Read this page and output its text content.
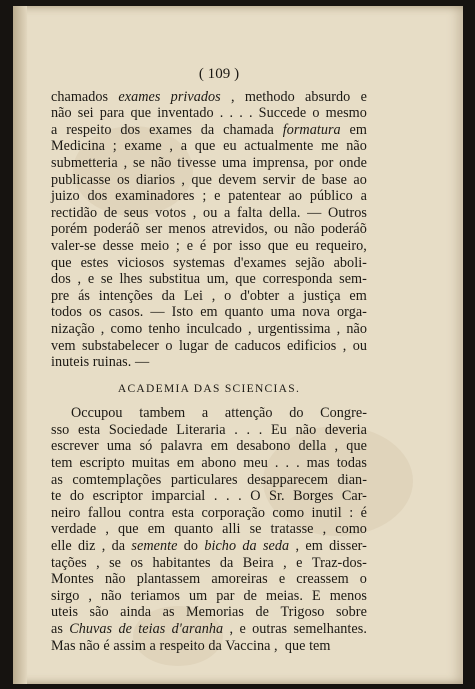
( 109 )
chamados exames privados , methodo absurdo e
não sei para que inventado . . . . Succede o mesmo
a respeito dos exames da chamada formatura em
Medicina ; exame , a que eu actualmente me não
submetteria , se não tivesse uma imprensa, por onde
publicasse os diarios , que devem servir de base ao
juizo dos examinadores ; e patentear ao público a
rectidão de seus votos , ou a falta della. — Outros
porém poderáõ ser menos atrevidos, ou não poderáõ
valer-se desse meio ; e é por isso que eu requeiro,
que estes viciosos systemas d'exames sejão aboli-
dos , e se lhes substitua um, que corresponda sem-
pre ás intenções da Lei , o d'obter a justiça em
todos os casos. — Isto em quanto uma nova orga-
nização , como tenho inculcado , urgentissima , não
vem substabelecer o lugar de caducos edificios , ou
inuteis ruinas. —
ACADEMIA DAS SCIENCIAS.
Occupou tambem a attenção do Congre-
sso esta Sociedade Literaria . . . Eu não deveria
escrever uma só palavra em desabono della , que
tem escripto muitas em abono meu . . . mas todas
as comtemplações particulares desapparecem dian-
te do escriptor imparcial . . . O Sr. Borges Car-
neiro fallou contra esta corporação como inutil : é
verdade , que em quanto alli se tratasse , como
elle diz , da semente do bicho da seda , em disser-
tações , se os habitantes da Beira , e Traz-dos-
Montes não plantassem amoreiras e creassem o
sirgo , não teriamos um par de meias. E menos
uteis são ainda as Memorias de Trigoso sobre
as Chuvas de teias d'aranha , e outras semelhantes.
Mas não é assim a respeito da Vaccina ,  que tem
